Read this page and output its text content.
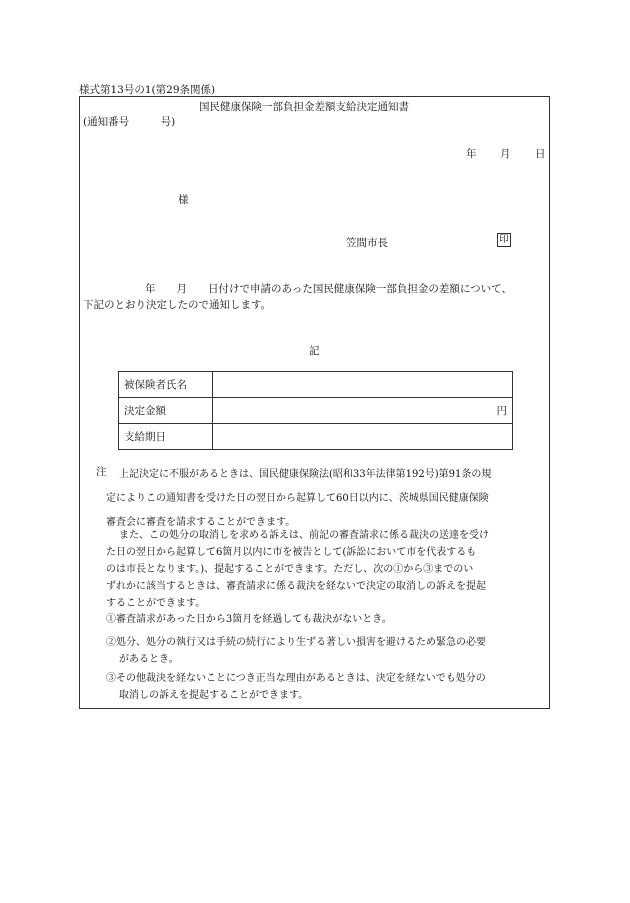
様式第13号の1(第29条関係)
国民健康保険一部負担金差額支給決定通知書
(通知番号　　　号)
年 月 日
様
笠間市長	印
年　　月　　日付けで申請のあった国民健康保険一部負担金の差額について、
下記のとおり決定したので通知します。
記
被保険者氏名	
決定金額	円
支給期日	
注 上記決定に不服があるときは、国民健康保険法(昭和33年法律第192号)第91条の規
定によりこの通知書を受けた日の翌日から起算して60日以内に、茨城県国民健康保険
審査会に審査を請求することができます。
また、この処分の取消しを求める訴えは、前記の審査請求に係る裁決の送達を受け
た日の翌日から起算して6箇月以内に市を被告として(訴訟において市を代表するも
のは市長となります。)、提起することができます。ただし、次の①から③までのい
ずれかに該当するときは、審査請求に係る裁決を経ないで決定の取消しの訴えを提起
することができます。
①審査請求があった日から3箇月を経過しても裁決がないとき。
②処分、処分の執行又は手続の続行により生ずる著しい損害を避けるため緊急の必要
があるとき。
③その他裁決を経ないことにつき正当な理由があるときは、決定を経ないでも処分の
取消しの訴えを提起することができます。
